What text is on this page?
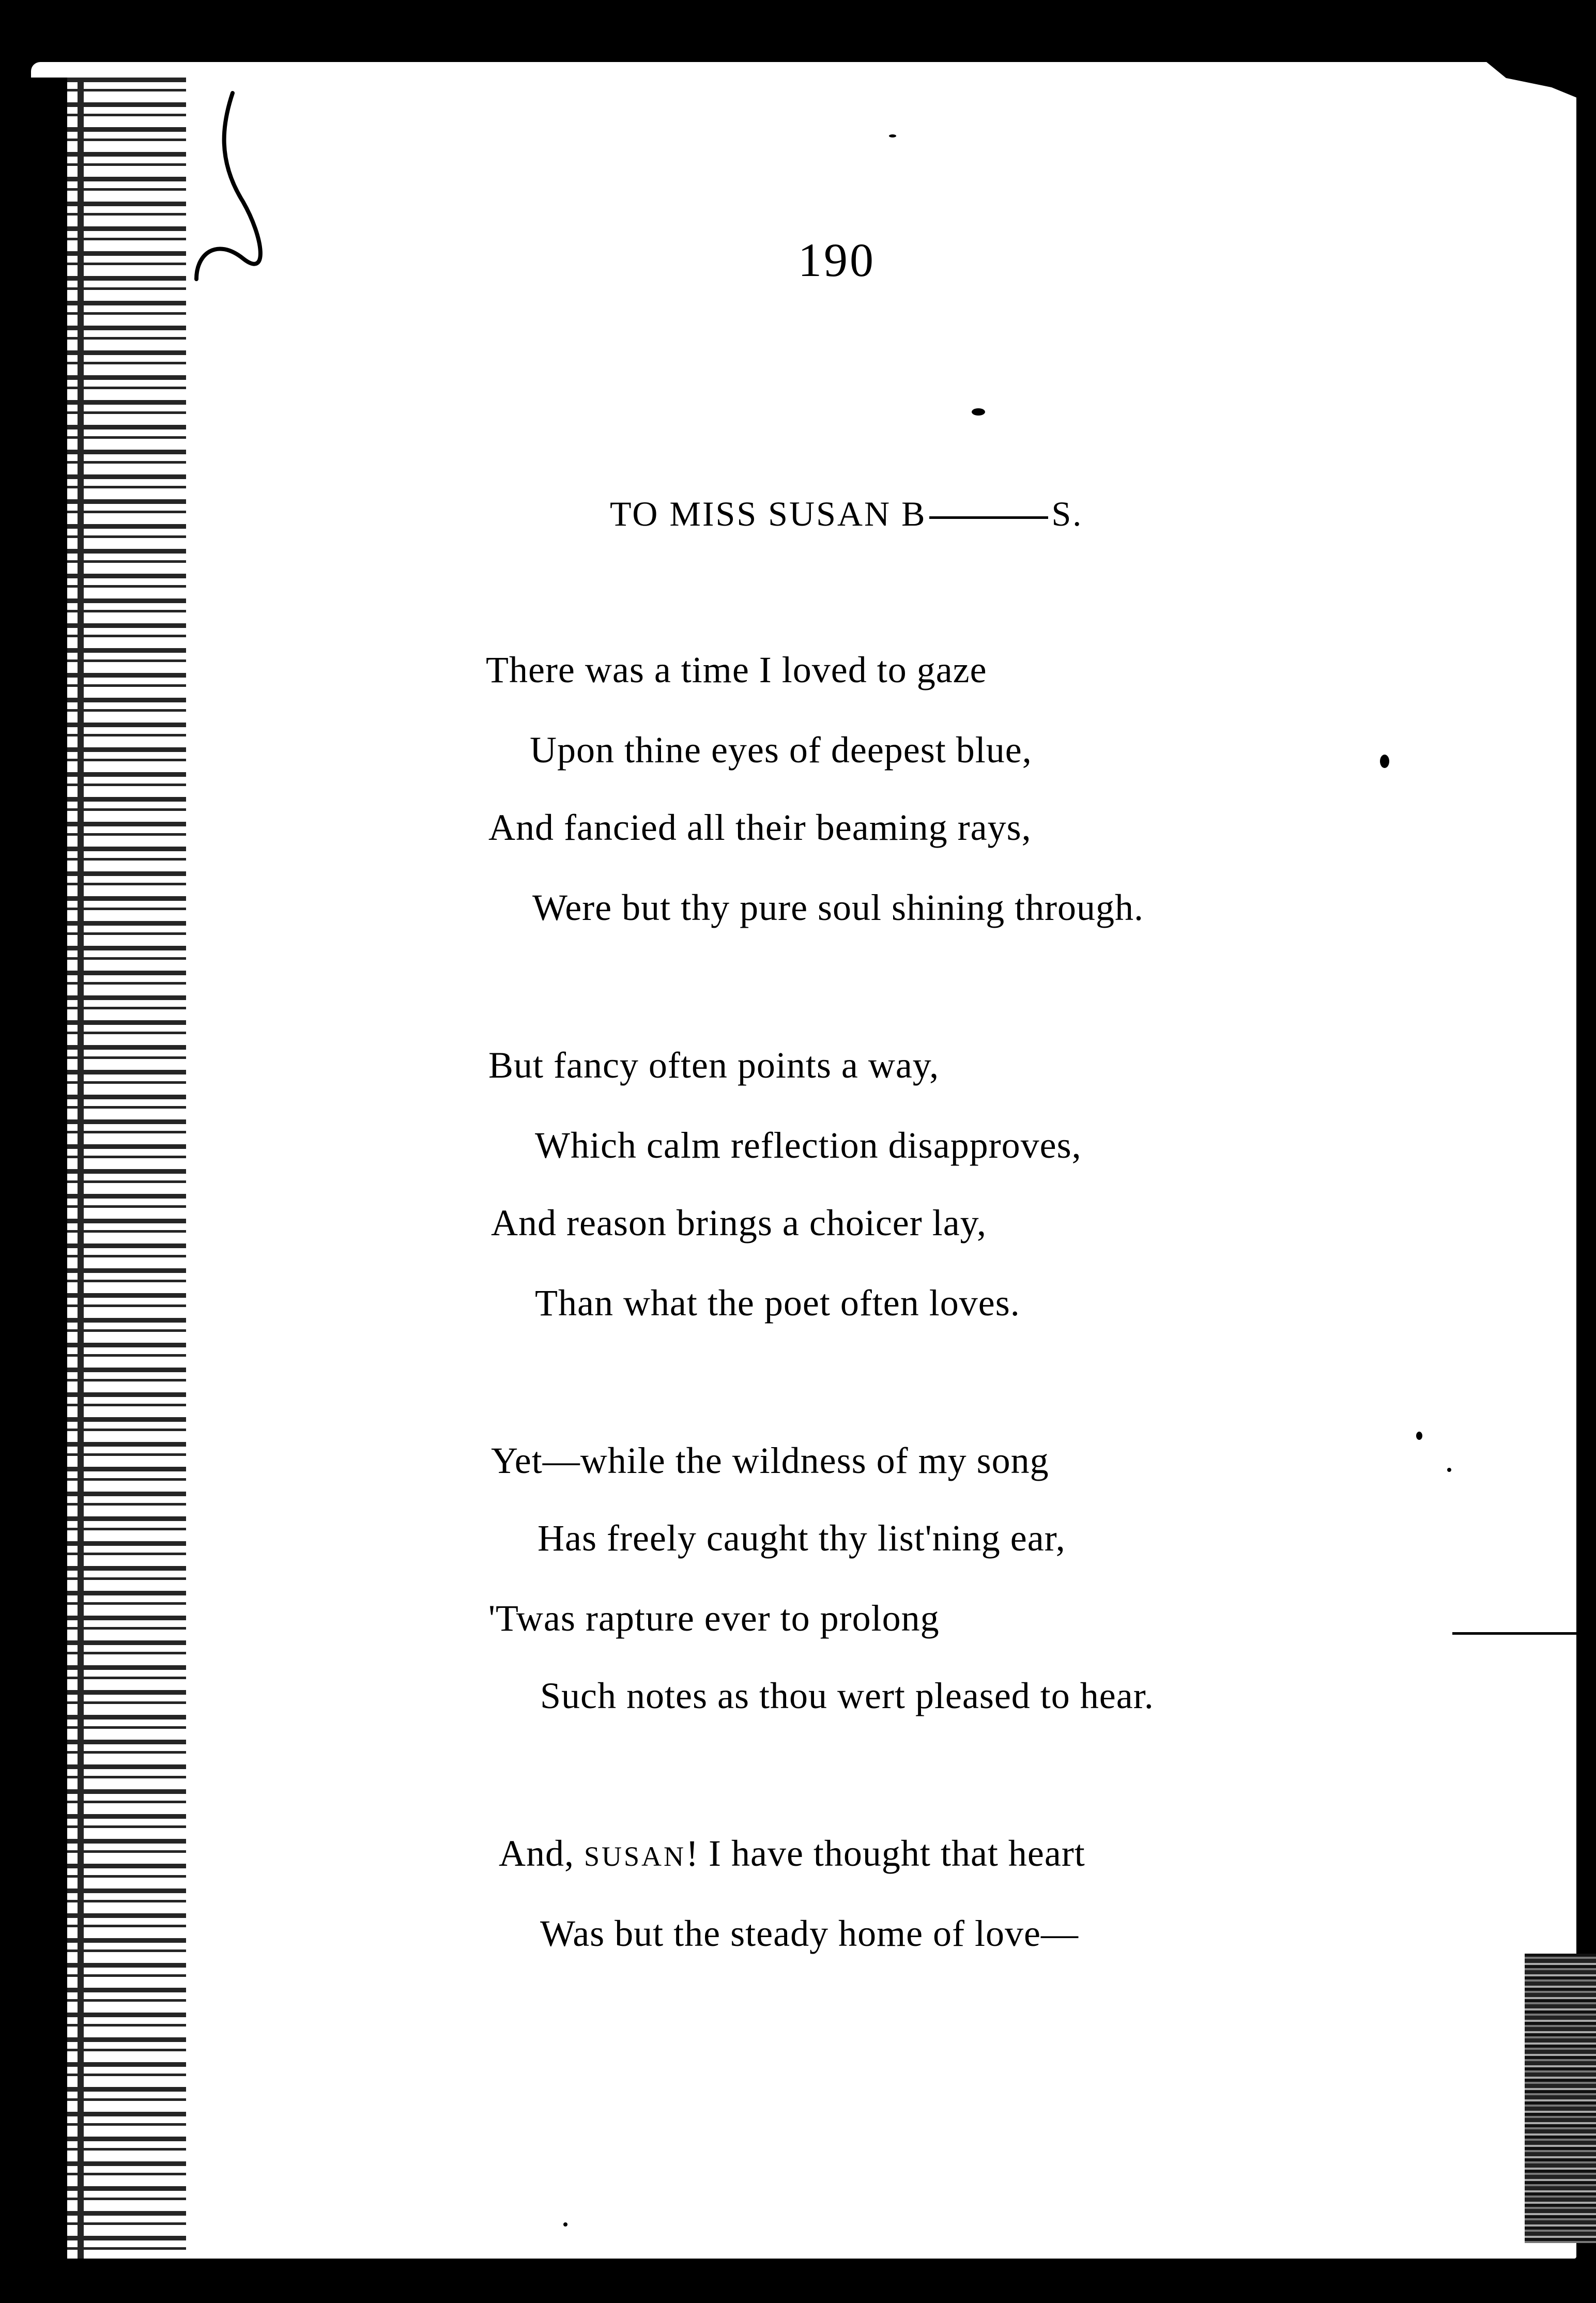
190
TO MISS SUSAN B	S.
There was a time I loved to gaze
Upon thine eyes of deepest blue,
And fancied all their beaming rays,
Were but thy pure soul shining through.
But fancy often points a way,
Which calm reflection disapproves,
And reason brings a choicer lay,
Than what the poet often loves.
Yet—while the wildness of my song
Has freely caught thy list'ning ear,
'Twas rapture ever to prolong
Such notes as thou wert pleased to hear.
And, SUSAN! I have thought that heart
Was but the steady home of love—
